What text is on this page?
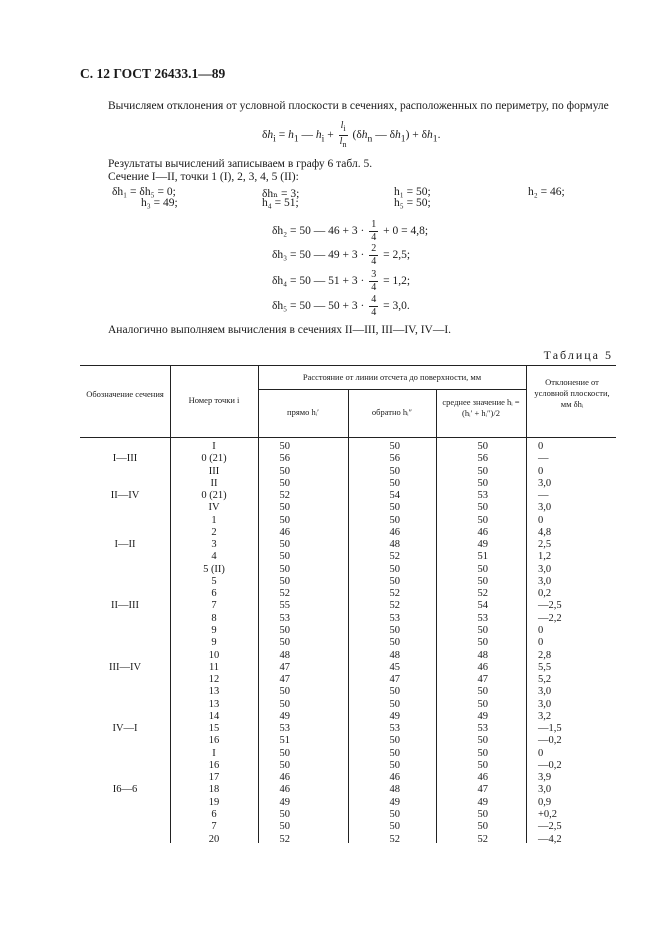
С. 12 ГОСТ 26433.1—89
Вычисляем отклонения от условной плоскости в сечениях, расположенных по периметру, по формуле
$\delta h_i = h_1$ — $h_i + \frac{l_i}{l_n} (\delta h_n$ — $\delta h_1) + \delta h_1$.
Результаты вычислений записываем в графу 6 табл. 5.
Сечение I—II, точки 1 (I), 2, 3, 4, 5 (II):
δh₁ = δh₅ = 0;
h₃ = 49;
δhₙ = 3;
h₄ = 51;
h₁ = 50;
h₅ = 50;
h₂ = 46;
δh₂ = 50 — $46 + 3 \cdot \frac{1}{4} + 0 = 4,8$;
δh₃ = 50 — $49 + 3 \cdot \frac{2}{4} = 2,5$;
δh₄ = 50 — $51 + 3 \cdot \frac{3}{4} = 1,2$;
δh₅ = 50 — $50 + 3 \cdot \frac{4}{4} = 3,0$.
Аналогично выполняем вычисления в сечениях II—III, III—IV, IV—I.
Таблица 5
Обозначение сечения
Номер точки i
Расстояние от линии отсчета до поверхности, мм
прямо hᵢ′	обратно hᵢ″
среднее значение hᵢ = (hᵢ′ + hᵢ″)/2
Отклонение от условной плоскости, мм δhᵢ
I	50	50	50	0
I—III	0 (21)	56	56	56	—
III	50	50	50	0
II	50	50	50	3,0
II—IV	0 (21)	52	54	53	—
IV	50	50	50	3,0
1	50	50	50	0
2	46	46	46	4,8
I—II	3	50	48	49	2,5
4	50	52	51	1,2
5 (II)	50	50	50	3,0
5	50	50	50	3,0
6	52	52	52	0,2
II—III	7	55	52	54	—2,5
8	53	53	53	—2,2
9	50	50	50	0
9	50	50	50	0
10	48	48	48	2,8
III—IV	11	47	45	46	5,5
12	47	47	47	5,2
13	50	50	50	3,0
13	50	50	50	3,0
14	49	49	49	3,2
IV—I	15	53	53	53	—1,5
16	51	50	50	—0,2
I	50	50	50	0
16	50	50	50	—0,2
17	46	46	46	3,9
I6—6	18	46	48	47	3,0
19	49	49	49	0,9
6	50	50	50	+0,2
7	50	50	50	—2,5
20	52	52	52	—4,2
